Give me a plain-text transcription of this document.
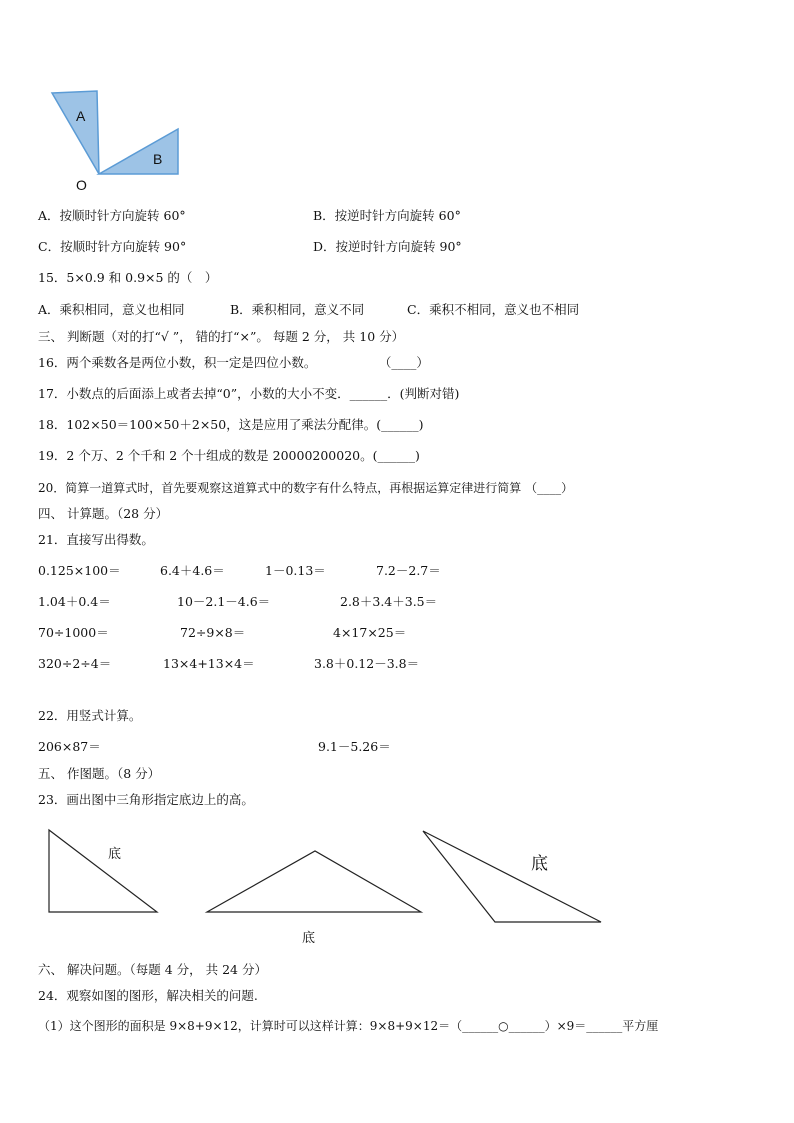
A
B
O
A．按顺时针方向旋转 60°	B．按逆时针方向旋转 60°
C．按顺时针方向旋转 90°	D．按逆时针方向旋转 90°
15．5×0.9 和 0.9×5 的（　）
A．乘积相同，意义也相同	B．乘积相同，意义不同	C．乘积不相同，意义也不相同
三、 判断题（对的打“√ ”， 错的打“×”。 每题 2 分， 共 10 分）
16．两个乘数各是两位小数，积一定是四位小数。　　　　　　（____）
17．小数点的后面添上或者去掉“0”，小数的大小不变．______．(判断对错)
18．102×50＝100×50＋2×50，这是应用了乘法分配律。(______)
19．2 个万、2 个千和 2 个十组成的数是 20000200020。(______)
20．简算一道算式时，首先要观察这道算式中的数字有什么特点，再根据运算定律进行简算 （____）
四、 计算题。（28 分）
21．直接写出得数。
0.125×100＝	6.4＋4.6＝	1－0.13＝	7.2－2.7＝
1.04＋0.4＝	10－2.1－4.6＝	2.8＋3.4＋3.5＝
70÷1000＝	72÷9×8＝	4×17×25＝
320÷2÷4＝	13×4+13×4＝	3.8＋0.12－3.8＝
22．用竖式计算。
206×87＝	9.1－5.26＝
五、 作图题。（8 分）
23．画出图中三角形指定底边上的高。
底
底
底
六、 解决问题。（每题 4 分， 共 24 分）
24．观察如图的图形，解决相关的问题.
（1）这个图形的面积是 9×8+9×12，计算时可以这样计算：9×8+9×12＝（______○______）×9＝______平方厘
